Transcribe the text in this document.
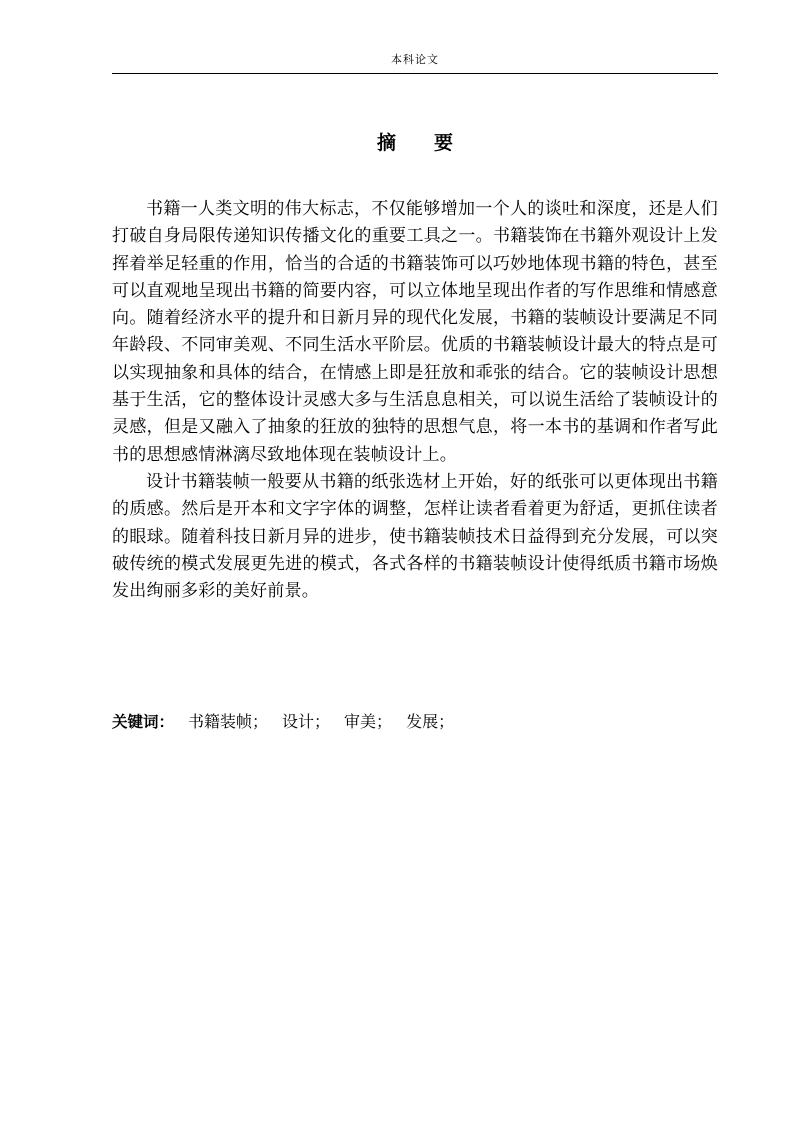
本科论文
摘 要

书籍一人类文明的伟大标志，不仅能够增加一个人的谈吐和深度，还是人们打破自身局限传递知识传播文化的重要工具之一。书籍装饰在书籍外观设计上发挥着举足轻重的作用，恰当的合适的书籍装饰可以巧妙地体现书籍的特色，甚至可以直观地呈现出书籍的简要内容，可以立体地呈现出作者的写作思维和情感意向。随着经济水平的提升和日新月异的现代化发展，书籍的装帧设计要满足不同年龄段、不同审美观、不同生活水平阶层。优质的书籍装帧设计最大的特点是可以实现抽象和具体的结合，在情感上即是狂放和乖张的结合。它的装帧设计思想基于生活，它的整体设计灵感大多与生活息息相关，可以说生活给了装帧设计的灵感，但是又融入了抽象的狂放的独特的思想气息，将一本书的基调和作者写此书的思想感情淋漓尽致地体现在装帧设计上。

设计书籍装帧一般要从书籍的纸张选材上开始，好的纸张可以更体现出书籍的质感。然后是开本和文字字体的调整，怎样让读者看着更为舒适，更抓住读者的眼球。随着科技日新月异的进步，使书籍装帧技术日益得到充分发展，可以突破传统的模式发展更先进的模式，各式各样的书籍装帧设计使得纸质书籍市场焕发出绚丽多彩的美好前景。

关键词： 书籍装帧； 设计； 审美； 发展；
